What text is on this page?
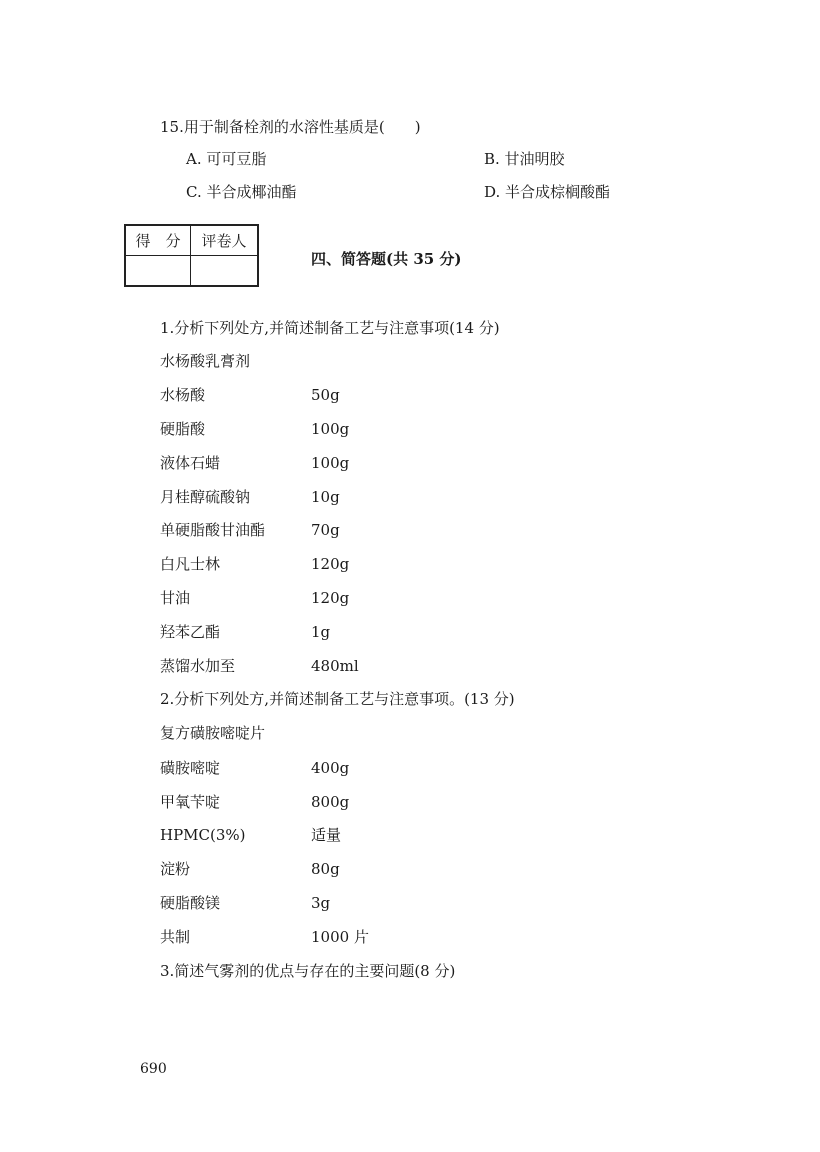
15.用于制备栓剂的水溶性基质是(　　)
A. 可可豆脂	B. 甘油明胶
C. 半合成椰油酯	D. 半合成棕榈酸酯
得　分	评卷人

四、简答题(共 35 分)
1.分析下列处方,并简述制备工艺与注意事项(14 分)
水杨酸乳膏剂
水杨酸	50g
硬脂酸	100g
液体石蜡	100g
月桂醇硫酸钠	10g
单硬脂酸甘油酯	70g
白凡士林	120g
甘油	120g
羟苯乙酯	1g
蒸馏水加至	480ml
2.分析下列处方,并简述制备工艺与注意事项。(13 分)
复方磺胺嘧啶片
磺胺嘧啶	400g
甲氧苄啶	800g
HPMC(3%)	适量
淀粉	80g
硬脂酸镁	3g
共制	1000 片
3.简述气雾剂的优点与存在的主要问题(8 分)
690
